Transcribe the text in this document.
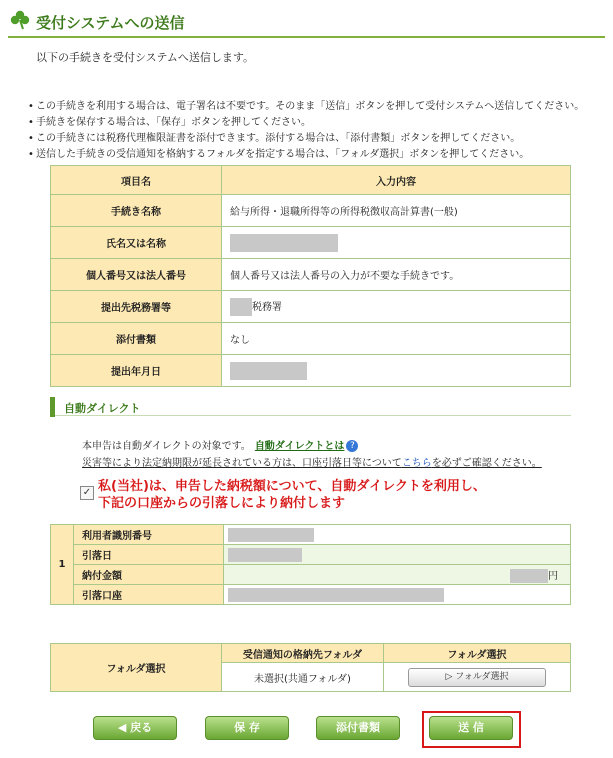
受付システムへの送信
以下の手続きを受付システムへ送信します。
• この手続きを利用する場合は、電子署名は不要です。そのまま「送信」ボタンを押して受付システムへ送信してください。
• 手続きを保存する場合は、「保存」ボタンを押してください。
• この手続きには税務代理権限証書を添付できます。添付する場合は、「添付書類」ボタンを押してください。
• 送信した手続きの受信通知を格納するフォルダを指定する場合は、「フォルダ選択」ボタンを押してください。
項目名	入力内容
手続き名称	給与所得・退職所得等の所得税徴収高計算書(一般)
氏名又は名称	
個人番号又は法人番号	個人番号又は法人番号の入力が不要な手続きです。
提出先税務署等	税務署
添付書類	なし
提出年月日	
自動ダイレクト
本申告は自動ダイレクトの対象です。 自動ダイレクトとは ?
災害等により法定納期限が延長されている方は、口座引落日等についてこちらを必ずご確認ください。
✓ 私(当社)は、申告した納税額について、自動ダイレクトを利用し、
下記の口座からの引落しにより納付します
1	利用者識別番号	
	引落日	
	納付金額	円
	引落口座	
フォルダ選択	受信通知の格納先フォルダ	フォルダ選択
	未選択(共通フォルダ)	▷ フォルダ選択
◀ 戻る	保 存	添付書類	送 信
